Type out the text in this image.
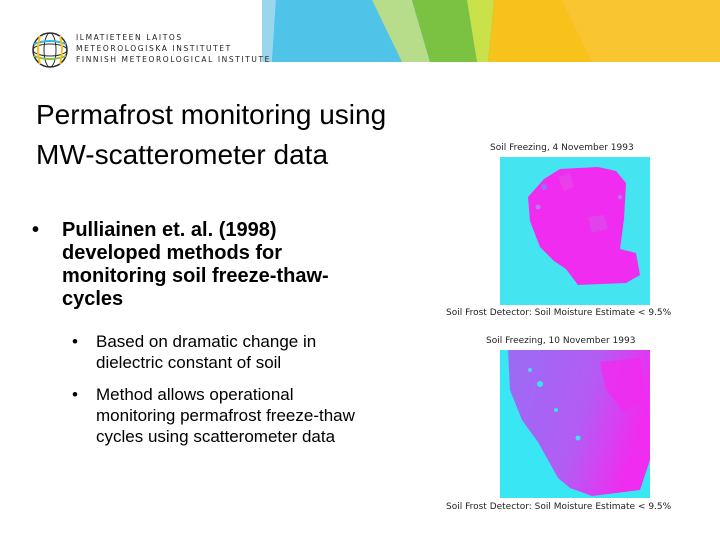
ILMATIETEEN LAITOS
METEOROLOGISKA INSTITUTET
FINNISH METEOROLOGICAL INSTITUTE
Permafrost monitoring using
MW-scatterometer data
• Pulliainen et. al. (1998)
developed methods for
monitoring soil freeze-thaw-
cycles
• Based on dramatic change in
dielectric constant of soil
• Method allows operational
monitoring permafrost freeze-thaw
cycles using scatterometer data
Soil Freezing, 4 November 1993
Soil Frost Detector: Soil Moisture Estimate < 9.5%
Soil Freezing, 10 November 1993
Soil Frost Detector: Soil Moisture Estimate < 9.5%
